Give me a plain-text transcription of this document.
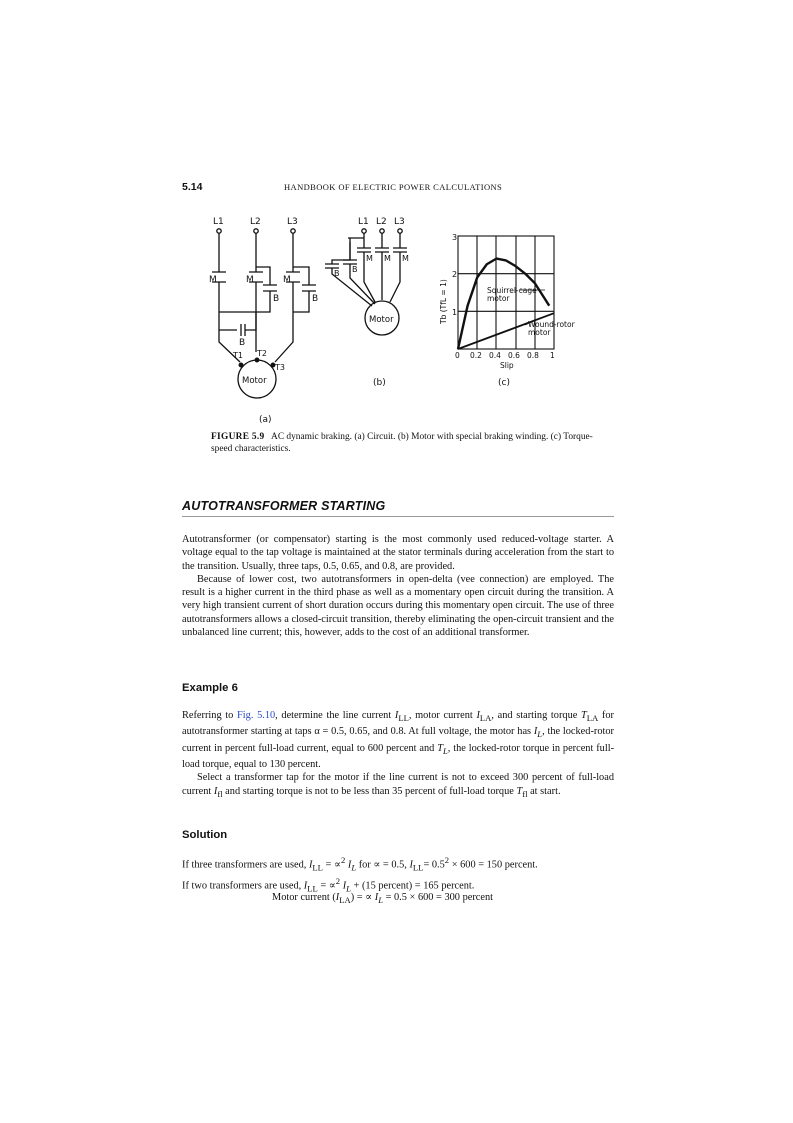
5.14	HANDBOOK OF ELECTRIC POWER CALCULATIONS
L1	L2	L3
M	M	M
B
B	B
T1 T2
T3
Motor
(a)
L1 L2 L3
B B
M M M
Motor
(b)
3
2
1
Tb (TfL = 1)
0 0.2 0.4 0.6 0.8 1
Slip
(c)
Squirrel-cage
motor
Wound-rotor
motor
FIGURE 5.9 AC dynamic braking. (a) Circuit. (b) Motor with special braking winding. (c) Torque-speed characteristics.
AUTOTRANSFORMER STARTING

Autotransformer (or compensator) starting is the most commonly used reduced-voltage starter. A voltage equal to the tap voltage is maintained at the stator terminals during acceleration from the start to the transition. Usually, three taps, 0.5, 0.65, and 0.8, are provided.

Because of lower cost, two autotransformers in open-delta (vee connection) are employed. The result is a higher current in the third phase as well as a momentary open circuit during the transition. A very high transient current of short duration occurs during this momentary open circuit. The use of three autotransformers allows a closed-circuit transition, thereby eliminating the open-circuit transient and the unbalanced line current; this, however, adds to the cost of an additional transformer.

Example 6

Referring to Fig. 5.10, determine the line current $I_{LL}$, motor current $I_{LA}$, and starting torque $T_{LA}$ for autotransformer starting at taps α = 0.5, 0.65, and 0.8. At full voltage, the motor has $I_L$, the locked-rotor current in percent full-load current, equal to 600 percent and $T_L$, the locked-rotor torque in percent full-load torque, equal to 130 percent.

Select a transformer tap for the motor if the line current is not to exceed 300 percent of full-load current $I_{fl}$ and starting torque is not to be less than 35 percent of full-load torque $T_{fl}$ at start.

Solution

If three transformers are used, $I_{LL} = \propto^2$ $I_L$ for ∝ = 0.5, $I_{LL}= 0.5^2 \times 600 = 150$ percent.

If two transformers are used, $I_{LL} = \propto^2$ $I_L + (15$ percent) = 165 percent.

Motor current $(I_{LA})$ = ∝ $I_L = 0.5 \times 600 = 300$ percent
